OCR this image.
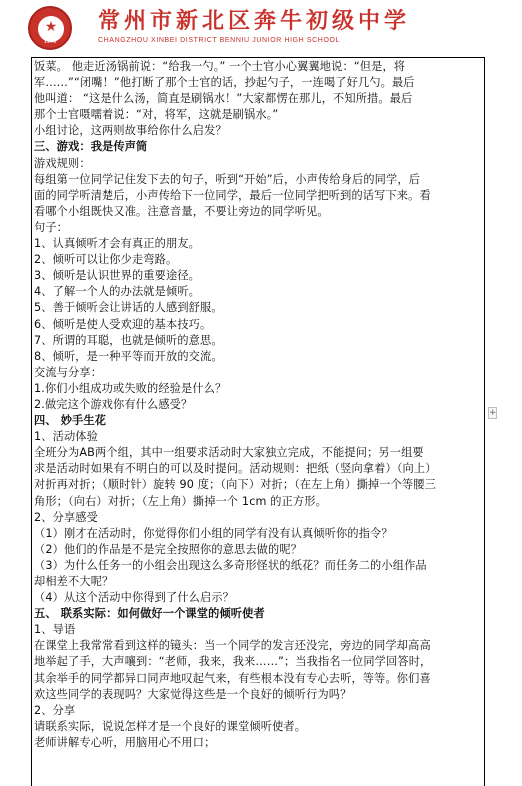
★
1970
常州市新北区奔牛初级中学
CHANGZHOU XINBEI DISTRICT BENNIU JUNIOR HIGH SCHOOL
饭菜。 他走近汤锅前说：“给我一勺。” 一个士官小心翼翼地说：“但是，将
军……”“闭嘴！”他打断了那个士官的话，抄起勺子，一连喝了好几勺。最后
他叫道： “这是什么汤，简直是刷锅水！”大家都愣在那儿，不知所措。最后
那个士官嗫嚅着说：“对，将军，这就是刷锅水。”
小组讨论，这两则故事给你什么启发？
三、游戏：我是传声筒
游戏规则：
每组第一位同学记住发下去的句子，听到“开始”后，小声传给身后的同学，后
面的同学听清楚后，小声传给下一位同学，最后一位同学把听到的话写下来。看
看哪个小组既快又准。注意音量，不要让旁边的同学听见。
句子：
1、认真倾听才会有真正的朋友。
2、倾听可以让你少走弯路。
3、倾听是认识世界的重要途径。
4、了解一个人的办法就是倾听。
5、善于倾听会让讲话的人感到舒服。
6、倾听是使人受欢迎的基本技巧。
7、所谓的耳聪，也就是倾听的意思。
8、倾听，是一种平等而开放的交流。
交流与分享：
1.你们小组成功或失败的经验是什么？
2.做完这个游戏你有什么感受？
四、 妙手生花
1、活动体验
全班分为AB两个组，其中一组要求活动时大家独立完成，不能提问；另一组要
求是活动时如果有不明白的可以及时提问。活动规则：把纸（竖向拿着）（向上）
对折再对折；（顺时针）旋转 90 度；（向下）对折；（在左上角）撕掉一个等腰三
角形；（向右）对折；（左上角）撕掉一个 1cm 的正方形。
2、分享感受
（1）刚才在活动时，你觉得你们小组的同学有没有认真倾听你的指令？
（2）他们的作品是不是完全按照你的意思去做的呢？
（3）为什么任务一的小组会出现这么多奇形怪状的纸花？而任务二的小组作品
却相差不大呢？
（4）从这个活动中你得到了什么启示？
五、 联系实际：如何做好一个课堂的倾听使者
1、导语
在课堂上我常常看到这样的镜头：当一个同学的发言还没完，旁边的同学却高高
地举起了手，大声嚷到：“老师，我来，我来……”；当我指名一位同学回答时，
其余举手的同学都异口同声地叹起气来，有些根本没有专心去听，等等。你们喜
欢这些同学的表现吗？大家觉得这些是一个良好的倾听行为吗？
2、分享
请联系实际，说说怎样才是一个良好的课堂倾听使者。
老师讲解专心听，用脑用心不用口；
+
